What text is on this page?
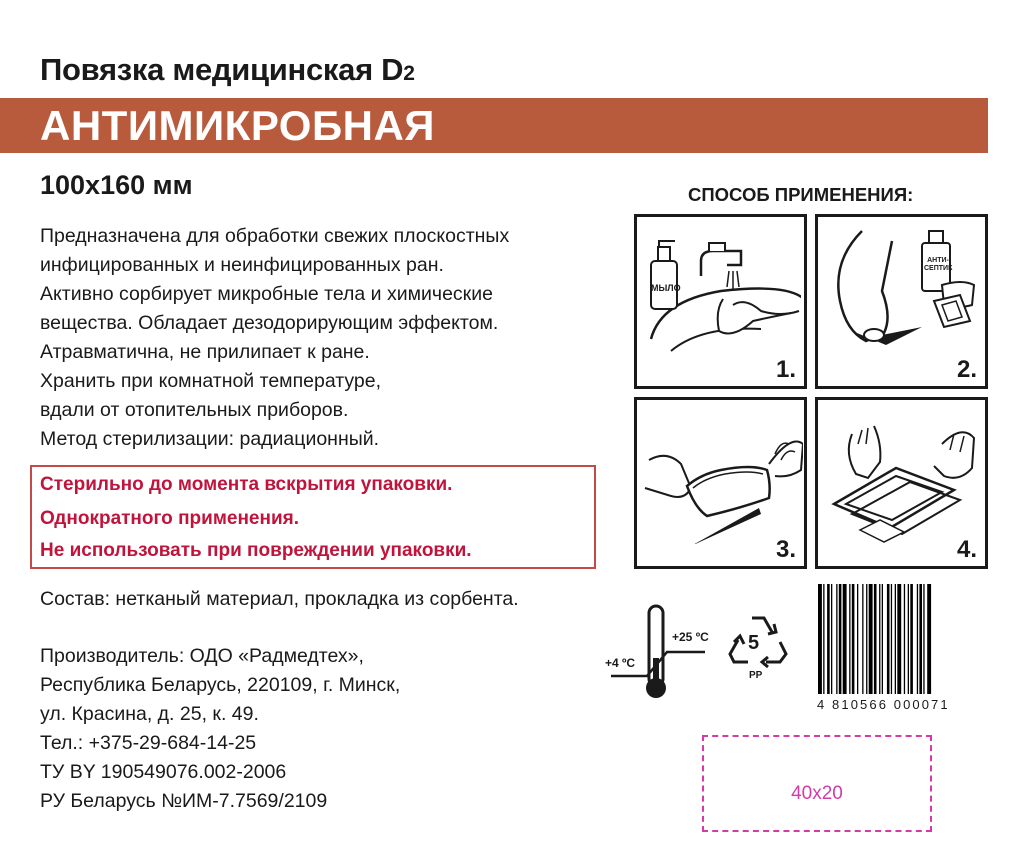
Повязка медицинская D2
АНТИМИКРОБНАЯ
100x160 мм
Предназначена для обработки свежих плоскостных
инфицированных и неинфицированных ран.
Активно сорбирует микробные тела и химические
вещества. Обладает дезодорирующим эффектом.
Атравматична, не прилипает к ране.
Хранить при комнатной температуре,
вдали от отопительных приборов.
Метод стерилизации: радиационный.
Стерильно до момента вскрытия упаковки.
Однократного применения.
Не использовать при повреждении упаковки.
Состав: нетканый материал, прокладка из сорбента.
Производитель: ОДО «Радмедтех»,
Республика Беларусь, 220109, г. Минск,
ул. Красина, д. 25, к. 49.
Тел.: +375-29-684-14-25
ТУ BY 190549076.002-2006
РУ Беларусь №ИМ-7.7569/2109
СПОСОБ ПРИМЕНЕНИЯ:
МЫЛО
1.
АНТИ-СЕПТИК
2.
3.	4.
+4 ºC
+25 ºC 5
PP
4 810566 000071
40x20
